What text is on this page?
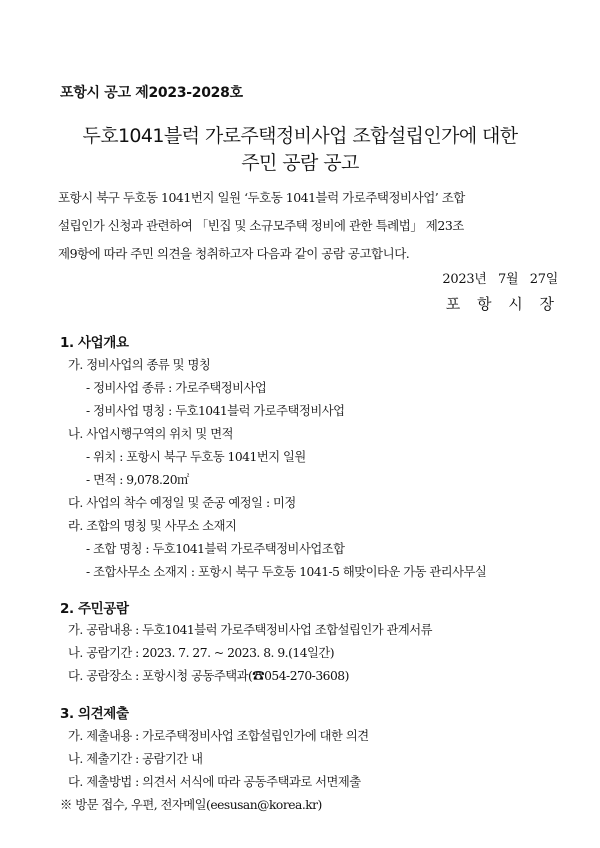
포항시 공고 제2023-2028호
두호1041블럭 가로주택정비사업 조합설립인가에 대한
주민 공람 공고
포항시 북구 두호동 1041번지 일원 ‘두호동 1041블럭 가로주택정비사업’ 조합
설립인가 신청과 관련하여 「빈집 및 소규모주택 정비에 관한 특례법」 제23조
제9항에 따라 주민 의견을 청취하고자 다음과 같이 공람 공고합니다.
2023년   7월   27일
포 항 시 장
1. 사업개요
가. 정비사업의 종류 및 명칭
- 정비사업 종류 : 가로주택정비사업
- 정비사업 명칭 : 두호1041블럭 가로주택정비사업
나. 사업시행구역의 위치 및 면적
- 위치 : 포항시 북구 두호동 1041번지 일원
- 면적 : 9,078.20㎡
다. 사업의 착수 예정일 및 준공 예정일 : 미정
라. 조합의 명칭 및 사무소 소재지
- 조합 명칭 : 두호1041블럭 가로주택정비사업조합
- 조합사무소 소재지 : 포항시 북구 두호동 1041-5 해맞이타운 가동 관리사무실
2. 주민공람
가. 공람내용 : 두호1041블럭 가로주택정비사업 조합설립인가 관계서류
나. 공람기간 : 2023. 7. 27. ~ 2023. 8. 9.(14일간)
다. 공람장소 : 포항시청 공동주택과(☎054-270-3608)
3. 의견제출
가. 제출내용 : 가로주택정비사업 조합설립인가에 대한 의견
나. 제출기간 : 공람기간 내
다. 제출방법 : 의견서 서식에 따라 공동주택과로 서면제출
※ 방문 접수, 우편, 전자메일(eesusan@korea.kr)
